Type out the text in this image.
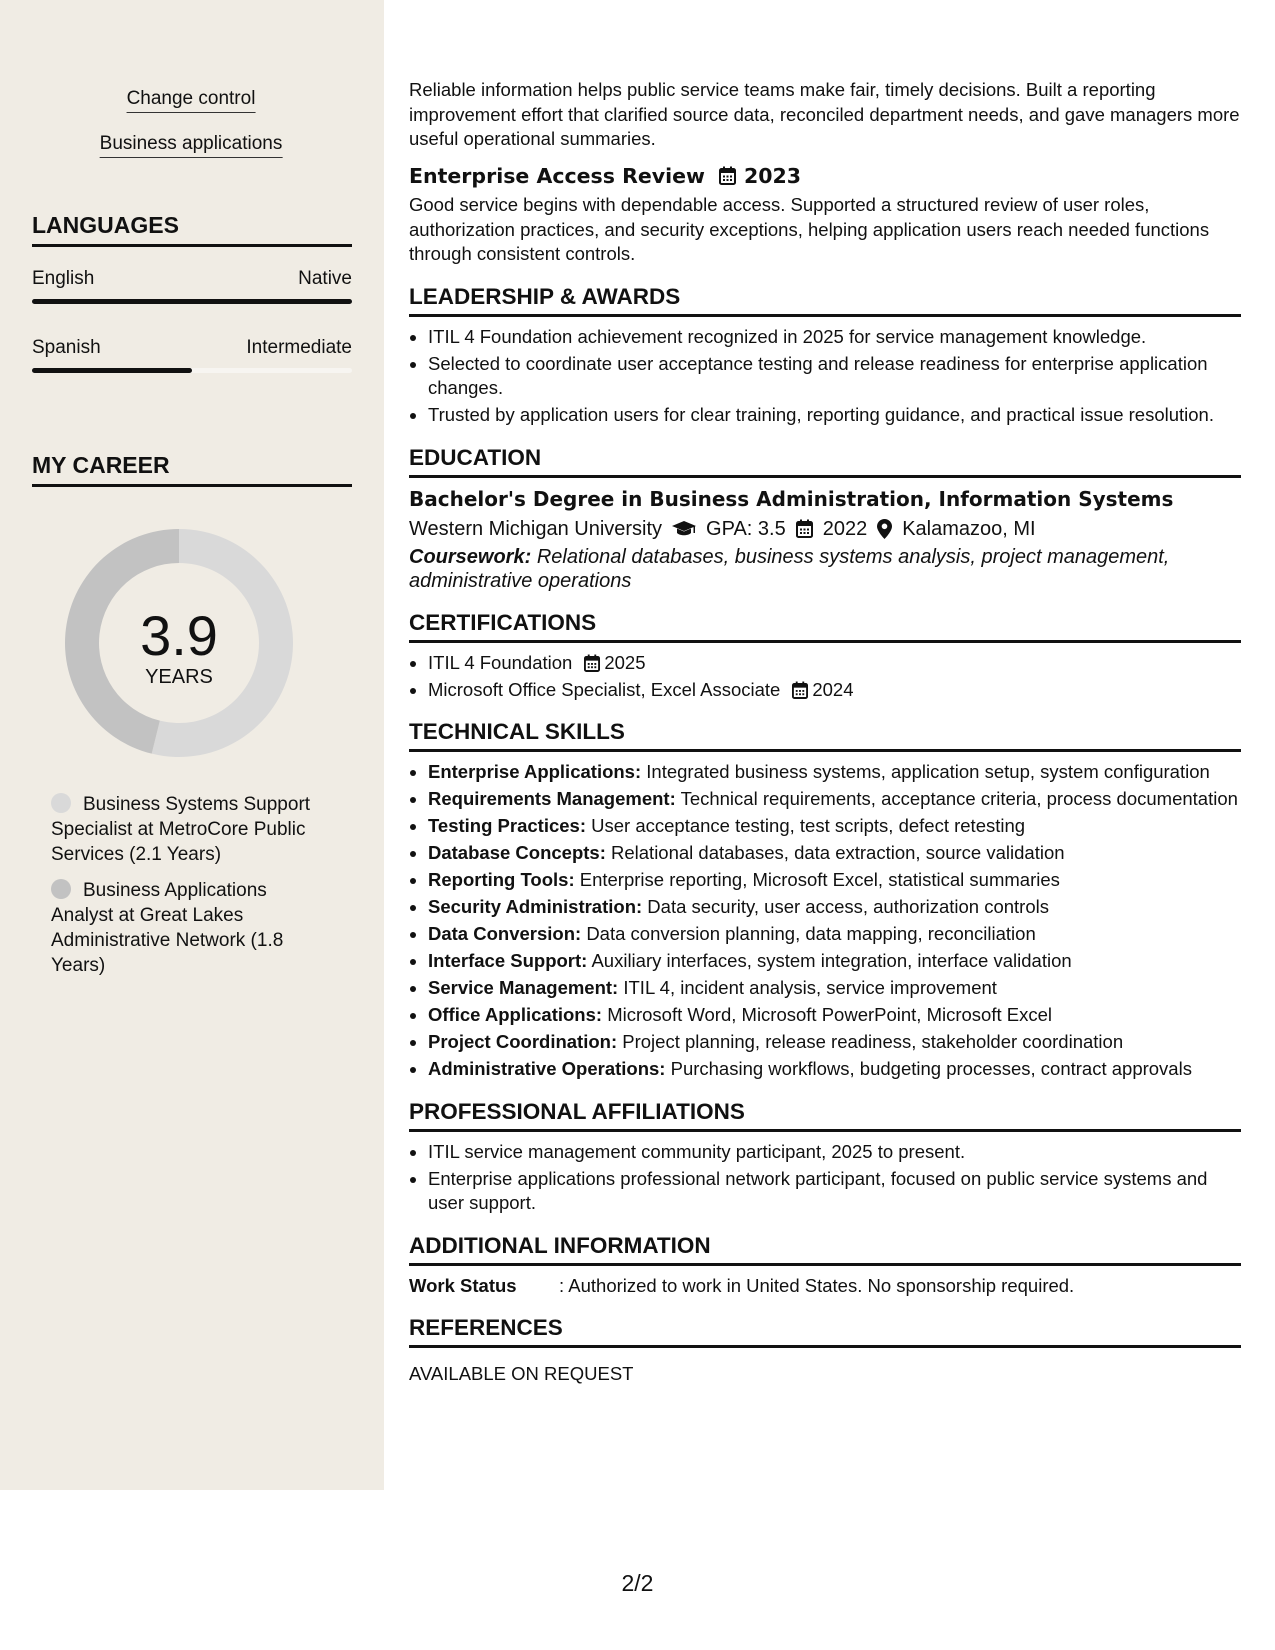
Change control
Business applications
LANGUAGES
English	Native
Spanish	Intermediate
MY CAREER
3.9
YEARS
Business Systems Support Specialist at MetroCore Public Services (2.1 Years)
Business Applications Analyst at Great Lakes Administrative Network (1.8 Years)

Reliable information helps public service teams make fair, timely decisions. Built a reporting improvement effort that clarified source data, reconciled department needs, and gave managers more useful operational summaries.

Enterprise Access Review 2023

Good service begins with dependable access. Supported a structured review of user roles, authorization practices, and security exceptions, helping application users reach needed functions through consistent controls.

LEADERSHIP & AWARDS
• ITIL 4 Foundation achievement recognized in 2025 for service management knowledge.
• Selected to coordinate user acceptance testing and release readiness for enterprise application changes.
• Trusted by application users for clear training, reporting guidance, and practical issue resolution.
EDUCATION
Bachelor's Degree in Business Administration, Information Systems
Western Michigan University GPA: 3.5 2022 Kalamazoo, MI
Coursework: Relational databases, business systems analysis, project management, administrative operations
CERTIFICATIONS
• ITIL 4 Foundation 2025
• Microsoft Office Specialist, Excel Associate 2024
TECHNICAL SKILLS
• Enterprise Applications: Integrated business systems, application setup, system configuration
• Requirements Management: Technical requirements, acceptance criteria, process documentation
• Testing Practices: User acceptance testing, test scripts, defect retesting
• Database Concepts: Relational databases, data extraction, source validation
• Reporting Tools: Enterprise reporting, Microsoft Excel, statistical summaries
• Security Administration: Data security, user access, authorization controls
• Data Conversion: Data conversion planning, data mapping, reconciliation
• Interface Support: Auxiliary interfaces, system integration, interface validation
• Service Management: ITIL 4, incident analysis, service improvement
• Office Applications: Microsoft Word, Microsoft PowerPoint, Microsoft Excel
• Project Coordination: Project planning, release readiness, stakeholder coordination
• Administrative Operations: Purchasing workflows, budgeting processes, contract approvals
PROFESSIONAL AFFILIATIONS
• ITIL service management community participant, 2025 to present.
• Enterprise applications professional network participant, focused on public service systems and user support.
ADDITIONAL INFORMATION
Work Status	: Authorized to work in United States. No sponsorship required.
REFERENCES

AVAILABLE ON REQUEST

2/2
